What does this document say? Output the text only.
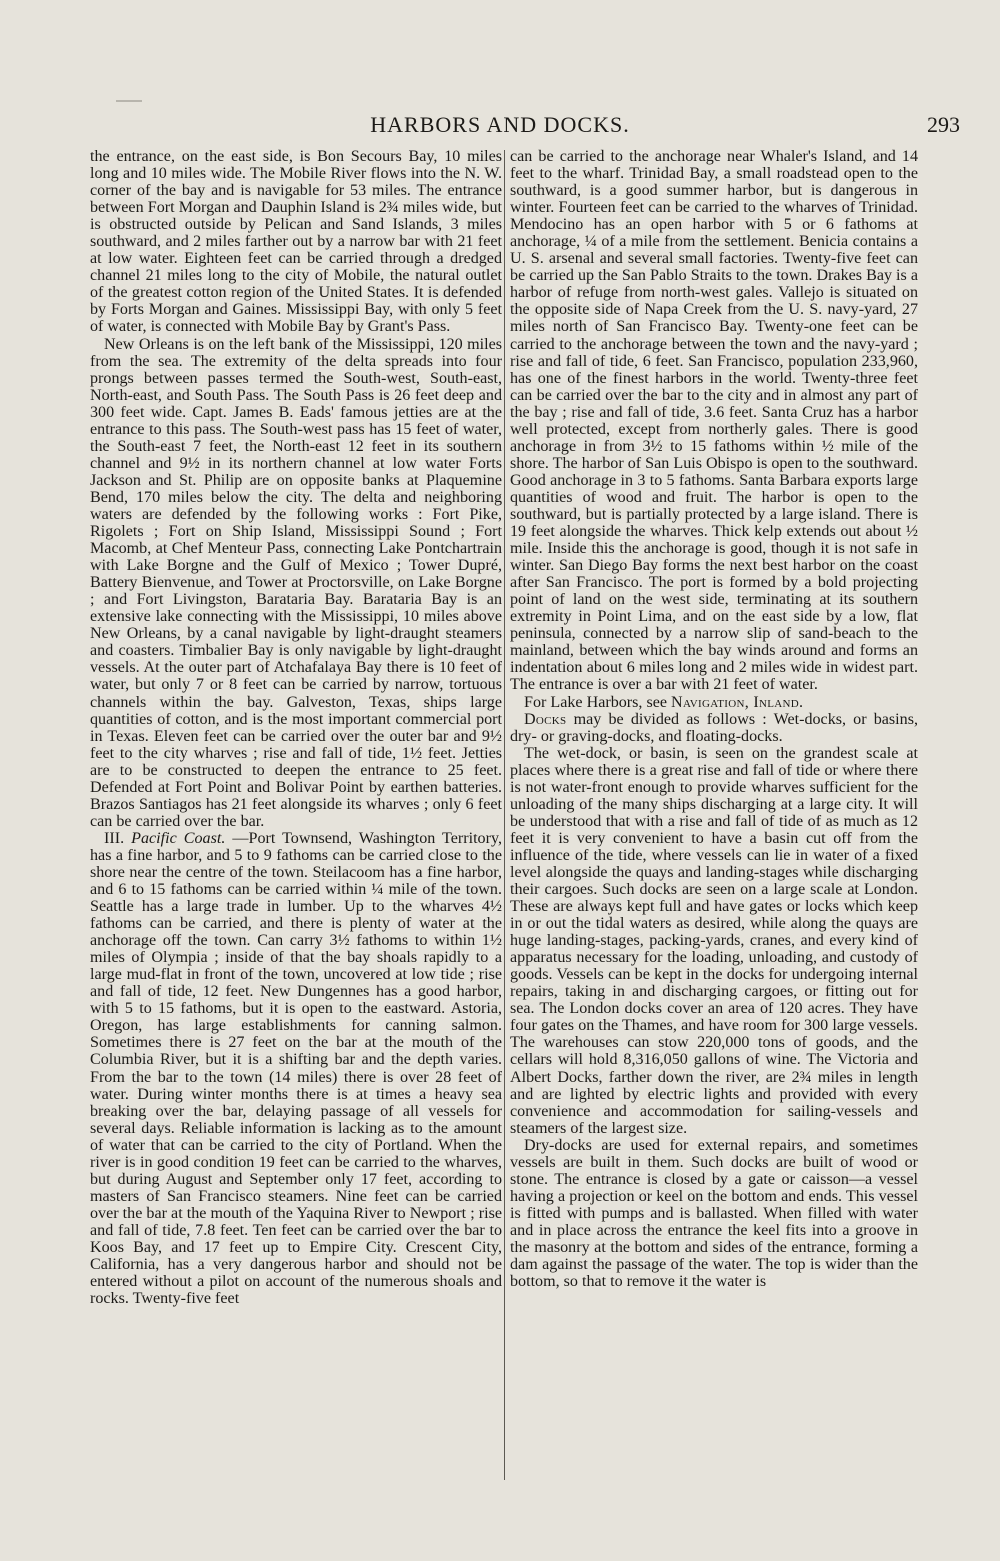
HARBORS AND DOCKS.	293

the entrance, on the east side, is Bon Secours Bay, 10 miles long and 10 miles wide. The Mobile River flows into the N. W. corner of the bay and is navigable for 53 miles. The entrance between Fort Morgan and Dauphin Island is 2¾ miles wide, but is obstructed outside by Pelican and Sand Islands, 3 miles southward, and 2 miles farther out by a narrow bar with 21 feet at low water. Eighteen feet can be carried through a dredged channel 21 miles long to the city of Mobile, the natural outlet of the greatest cotton region of the United States. It is defended by Forts Morgan and Gaines. Mississippi Bay, with only 5 feet of water, is connected with Mobile Bay by Grant's Pass.

New Orleans is on the left bank of the Mississippi, 120 miles from the sea. The extremity of the delta spreads into four prongs between passes termed the South-west, South-east, North-east, and South Pass. The South Pass is 26 feet deep and 300 feet wide. Capt. James B. Eads' famous jetties are at the entrance to this pass. The South-west pass has 15 feet of water, the South-east 7 feet, the North-east 12 feet in its southern channel and 9½ in its northern channel at low water Forts Jackson and St. Philip are on opposite banks at Plaquemine Bend, 170 miles below the city. The delta and neighboring waters are defended by the following works : Fort Pike, Rigolets ; Fort on Ship Island, Mississippi Sound ; Fort Macomb, at Chef Menteur Pass, connecting Lake Pontchartrain with Lake Borgne and the Gulf of Mexico ; Tower Dupré, Battery Bienvenue, and Tower at Proctorsville, on Lake Borgne ; and Fort Livingston, Barataria Bay. Barataria Bay is an extensive lake connecting with the Mississippi, 10 miles above New Orleans, by a canal navigable by light-draught steamers and coasters. Timbalier Bay is only navigable by light-draught vessels. At the outer part of Atchafalaya Bay there is 10 feet of water, but only 7 or 8 feet can be carried by narrow, tortuous channels within the bay. Galveston, Texas, ships large quantities of cotton, and is the most important commercial port in Texas. Eleven feet can be carried over the outer bar and 9½ feet to the city wharves ; rise and fall of tide, 1½ feet. Jetties are to be constructed to deepen the entrance to 25 feet. Defended at Fort Point and Bolivar Point by earthen batteries. Brazos Santiagos has 21 feet alongside its wharves ; only 6 feet can be carried over the bar.

III. Pacific Coast. —Port Townsend, Washington Territory, has a fine harbor, and 5 to 9 fathoms can be carried close to the shore near the centre of the town. Steilacoom has a fine harbor, and 6 to 15 fathoms can be carried within ¼ mile of the town. Seattle has a large trade in lumber. Up to the wharves 4½ fathoms can be carried, and there is plenty of water at the anchorage off the town. Can carry 3½ fathoms to within 1½ miles of Olympia ; inside of that the bay shoals rapidly to a large mud-flat in front of the town, uncovered at low tide ; rise and fall of tide, 12 feet. New Dungennes has a good harbor, with 5 to 15 fathoms, but it is open to the eastward. Astoria, Oregon, has large establishments for canning salmon. Sometimes there is 27 feet on the bar at the mouth of the Columbia River, but it is a shifting bar and the depth varies. From the bar to the town (14 miles) there is over 28 feet of water. During winter months there is at times a heavy sea breaking over the bar, delaying passage of all vessels for several days. Reliable information is lacking as to the amount of water that can be carried to the city of Portland. When the river is in good condition 19 feet can be carried to the wharves, but during August and September only 17 feet, according to masters of San Francisco steamers. Nine feet can be carried over the bar at the mouth of the Yaquina River to Newport ; rise and fall of tide, 7.8 feet. Ten feet can be carried over the bar to Koos Bay, and 17 feet up to Empire City. Crescent City, California, has a very dangerous harbor and should not be entered without a pilot on account of the numerous shoals and rocks. Twenty-five feet

can be carried to the anchorage near Whaler's Island, and 14 feet to the wharf. Trinidad Bay, a small roadstead open to the southward, is a good summer harbor, but is dangerous in winter. Fourteen feet can be carried to the wharves of Trinidad. Mendocino has an open harbor with 5 or 6 fathoms at anchorage, ¼ of a mile from the settlement. Benicia contains a U. S. arsenal and several small factories. Twenty-five feet can be carried up the San Pablo Straits to the town. Drakes Bay is a harbor of refuge from north-west gales. Vallejo is situated on the opposite side of Napa Creek from the U. S. navy-yard, 27 miles north of San Francisco Bay. Twenty-one feet can be carried to the anchorage between the town and the navy-yard ; rise and fall of tide, 6 feet. San Francisco, population 233,960, has one of the finest harbors in the world. Twenty-three feet can be carried over the bar to the city and in almost any part of the bay ; rise and fall of tide, 3.6 feet. Santa Cruz has a harbor well protected, except from northerly gales. There is good anchorage in from 3½ to 15 fathoms within ½ mile of the shore. The harbor of San Luis Obispo is open to the southward. Good anchorage in 3 to 5 fathoms. Santa Barbara exports large quantities of wood and fruit. The harbor is open to the southward, but is partially protected by a large island. There is 19 feet alongside the wharves. Thick kelp extends out about ½ mile. Inside this the anchorage is good, though it is not safe in winter. San Diego Bay forms the next best harbor on the coast after San Francisco. The port is formed by a bold projecting point of land on the west side, terminating at its southern extremity in Point Lima, and on the east side by a low, flat peninsula, connected by a narrow slip of sand-beach to the mainland, between which the bay winds around and forms an indentation about 6 miles long and 2 miles wide in widest part. The entrance is over a bar with 21 feet of water.

For Lake Harbors, see Navigation, Inland.

Docks may be divided as follows : Wet-docks, or basins, dry- or graving-docks, and floating-docks.

The wet-dock, or basin, is seen on the grandest scale at places where there is a great rise and fall of tide or where there is not water-front enough to provide wharves sufficient for the unloading of the many ships discharging at a large city. It will be understood that with a rise and fall of tide of as much as 12 feet it is very convenient to have a basin cut off from the influence of the tide, where vessels can lie in water of a fixed level alongside the quays and landing-stages while discharging their cargoes. Such docks are seen on a large scale at London. These are always kept full and have gates or locks which keep in or out the tidal waters as desired, while along the quays are huge landing-stages, packing-yards, cranes, and every kind of apparatus necessary for the loading, unloading, and custody of goods. Vessels can be kept in the docks for undergoing internal repairs, taking in and discharging cargoes, or fitting out for sea. The London docks cover an area of 120 acres. They have four gates on the Thames, and have room for 300 large vessels. The warehouses can stow 220,000 tons of goods, and the cellars will hold 8,316,050 gallons of wine. The Victoria and Albert Docks, farther down the river, are 2¾ miles in length and are lighted by electric lights and provided with every convenience and accommodation for sailing-vessels and steamers of the largest size.

Dry-docks are used for external repairs, and sometimes vessels are built in them. Such docks are built of wood or stone. The entrance is closed by a gate or caisson—a vessel having a projection or keel on the bottom and ends. This vessel is fitted with pumps and is ballasted. When filled with water and in place across the entrance the keel fits into a groove in the masonry at the bottom and sides of the entrance, forming a dam against the passage of the water. The top is wider than the bottom, so that to remove it the water is
